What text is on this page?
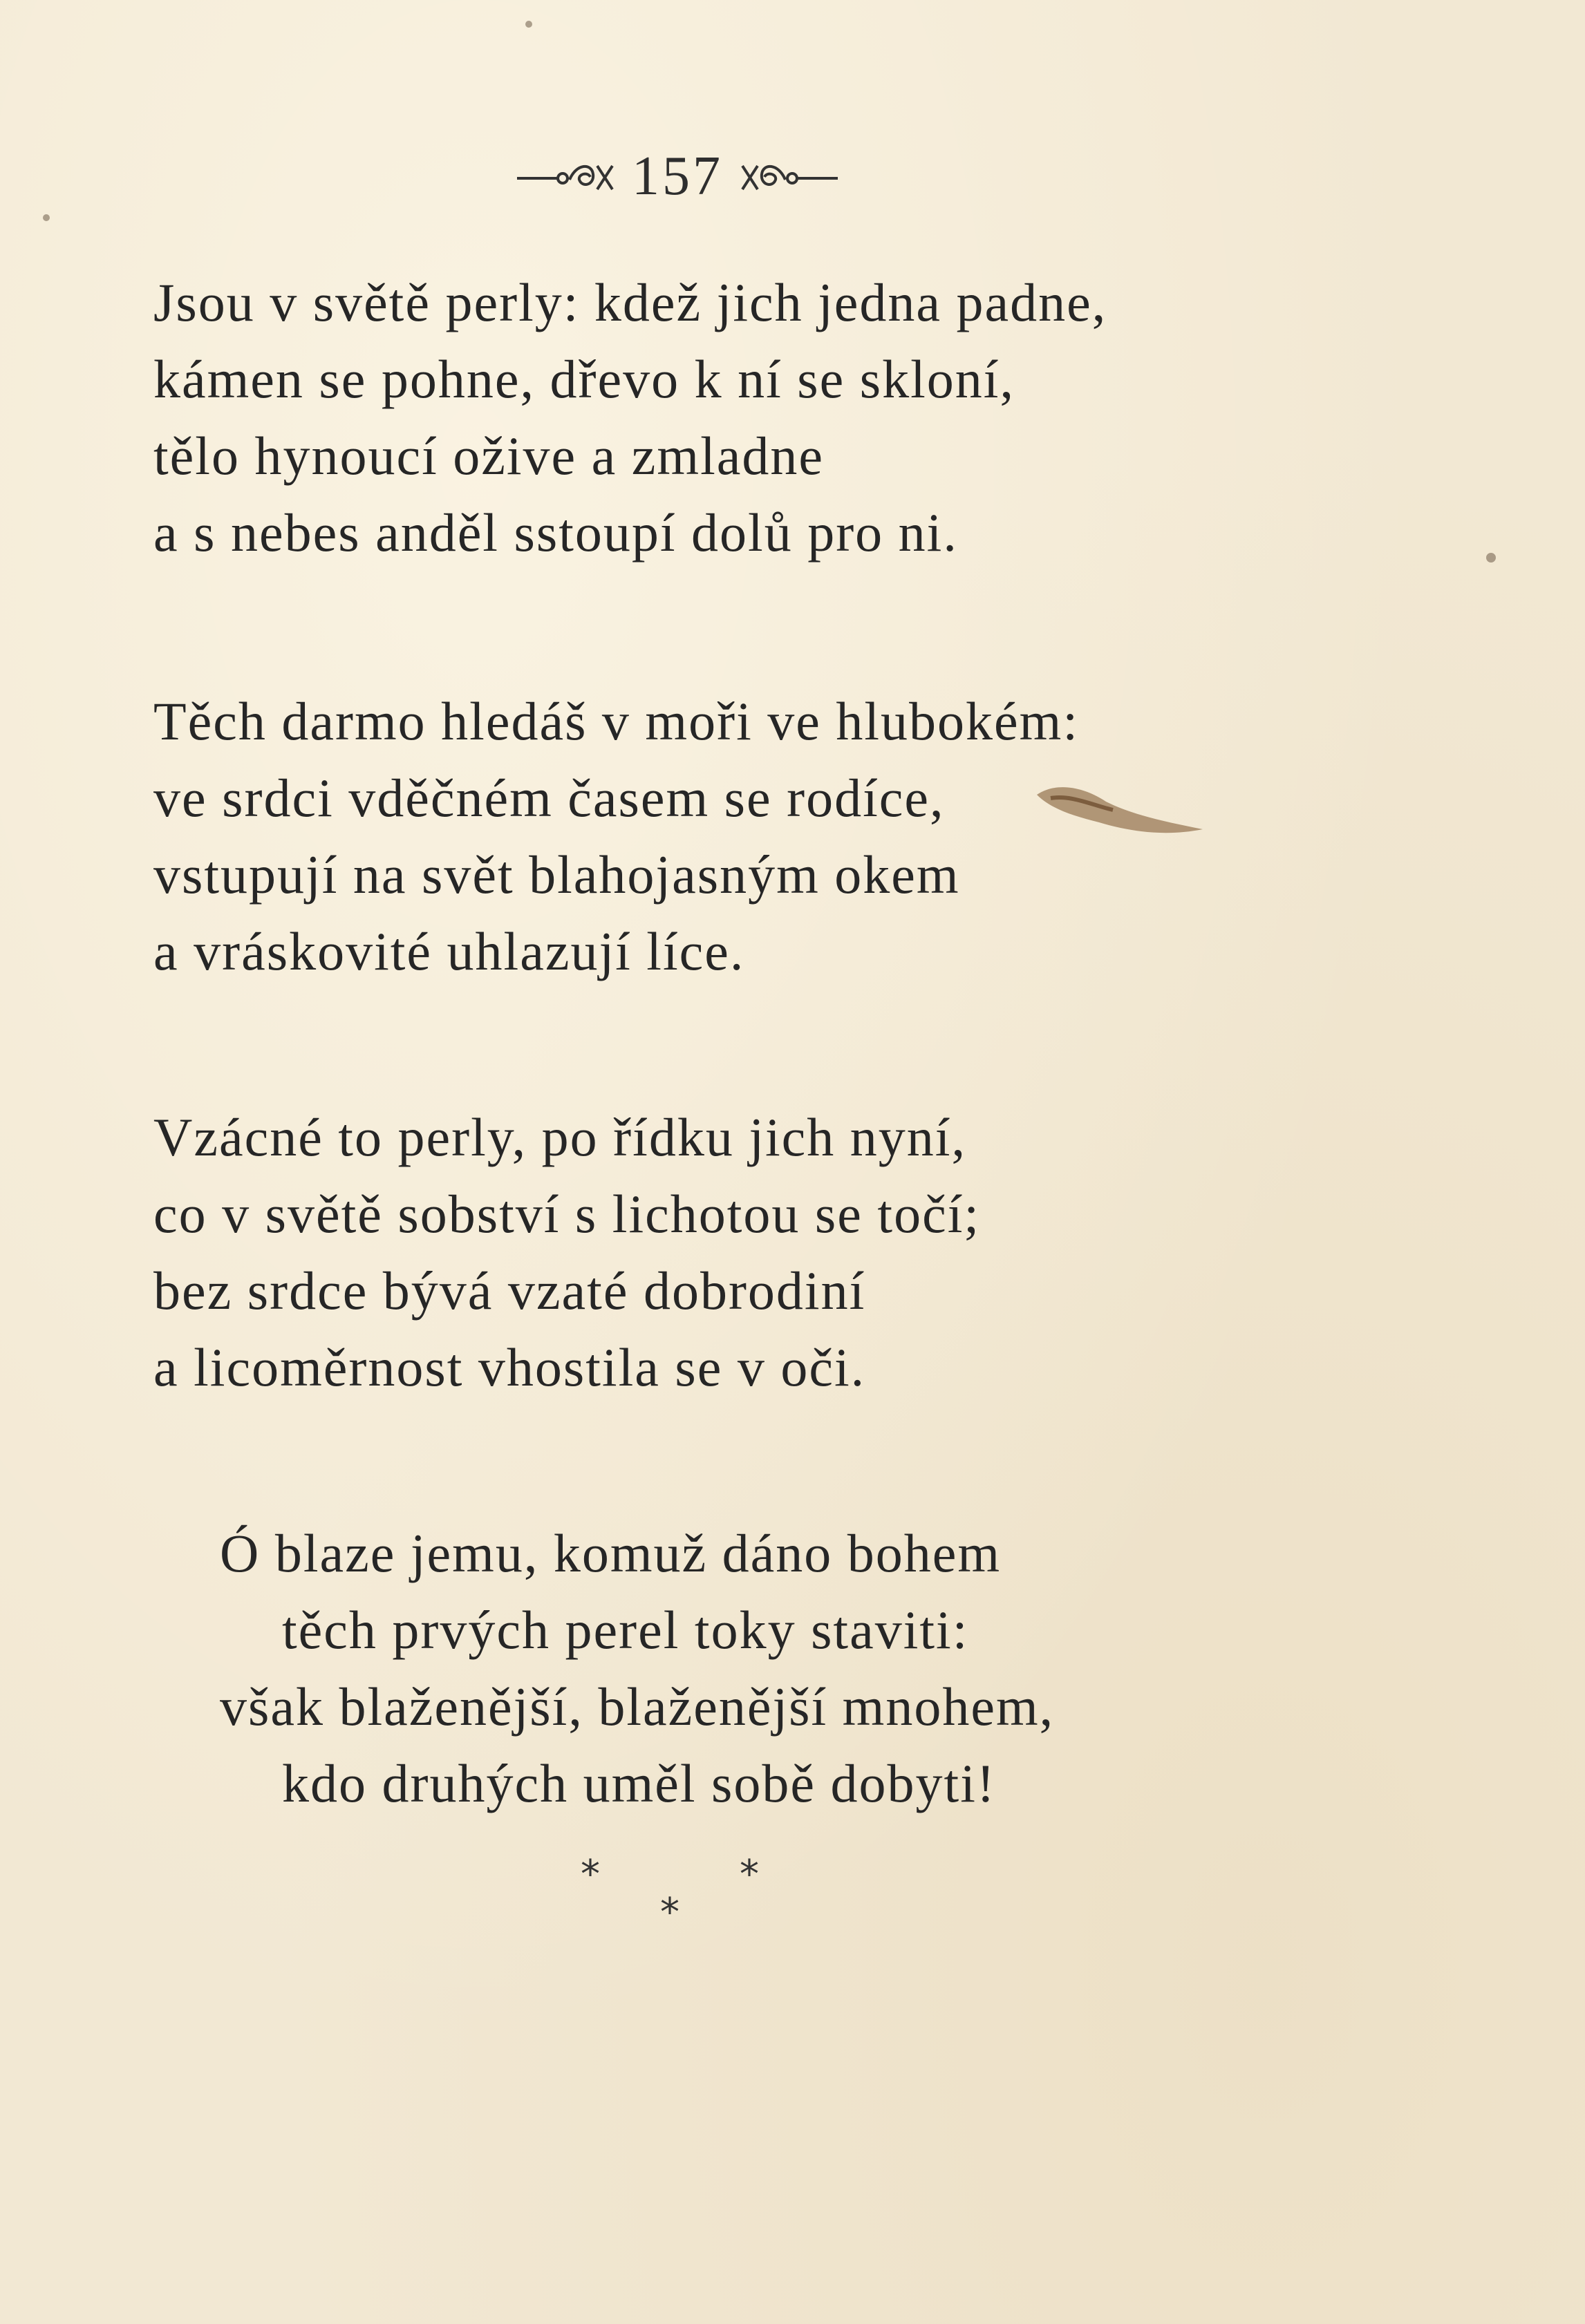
157
Jsou v světě perly: kdež jich jedna padne,
kámen se pohne, dřevo k ní se skloní,
tělo hynoucí ožive a zmladne
a s nebes anděl sstoupí dolů pro ni.
Těch darmo hledáš v moři ve hlubokém:
ve srdci vděčném časem se rodíce,
vstupují na svět blahojasným okem
a vráskovité uhlazují líce.
Vzácné to perly, po řídku jich nyní,
co v světě sobství s lichotou se točí;
bez srdce bývá vzaté dobrodiní
a licoměrnost vhostila se v oči.
Ó blaze jemu, komuž dáno bohem
těch prvých perel toky staviti:
však blaženější, blaženější mnohem,
kdo druhých uměl sobě dobyti!
*	*
*
